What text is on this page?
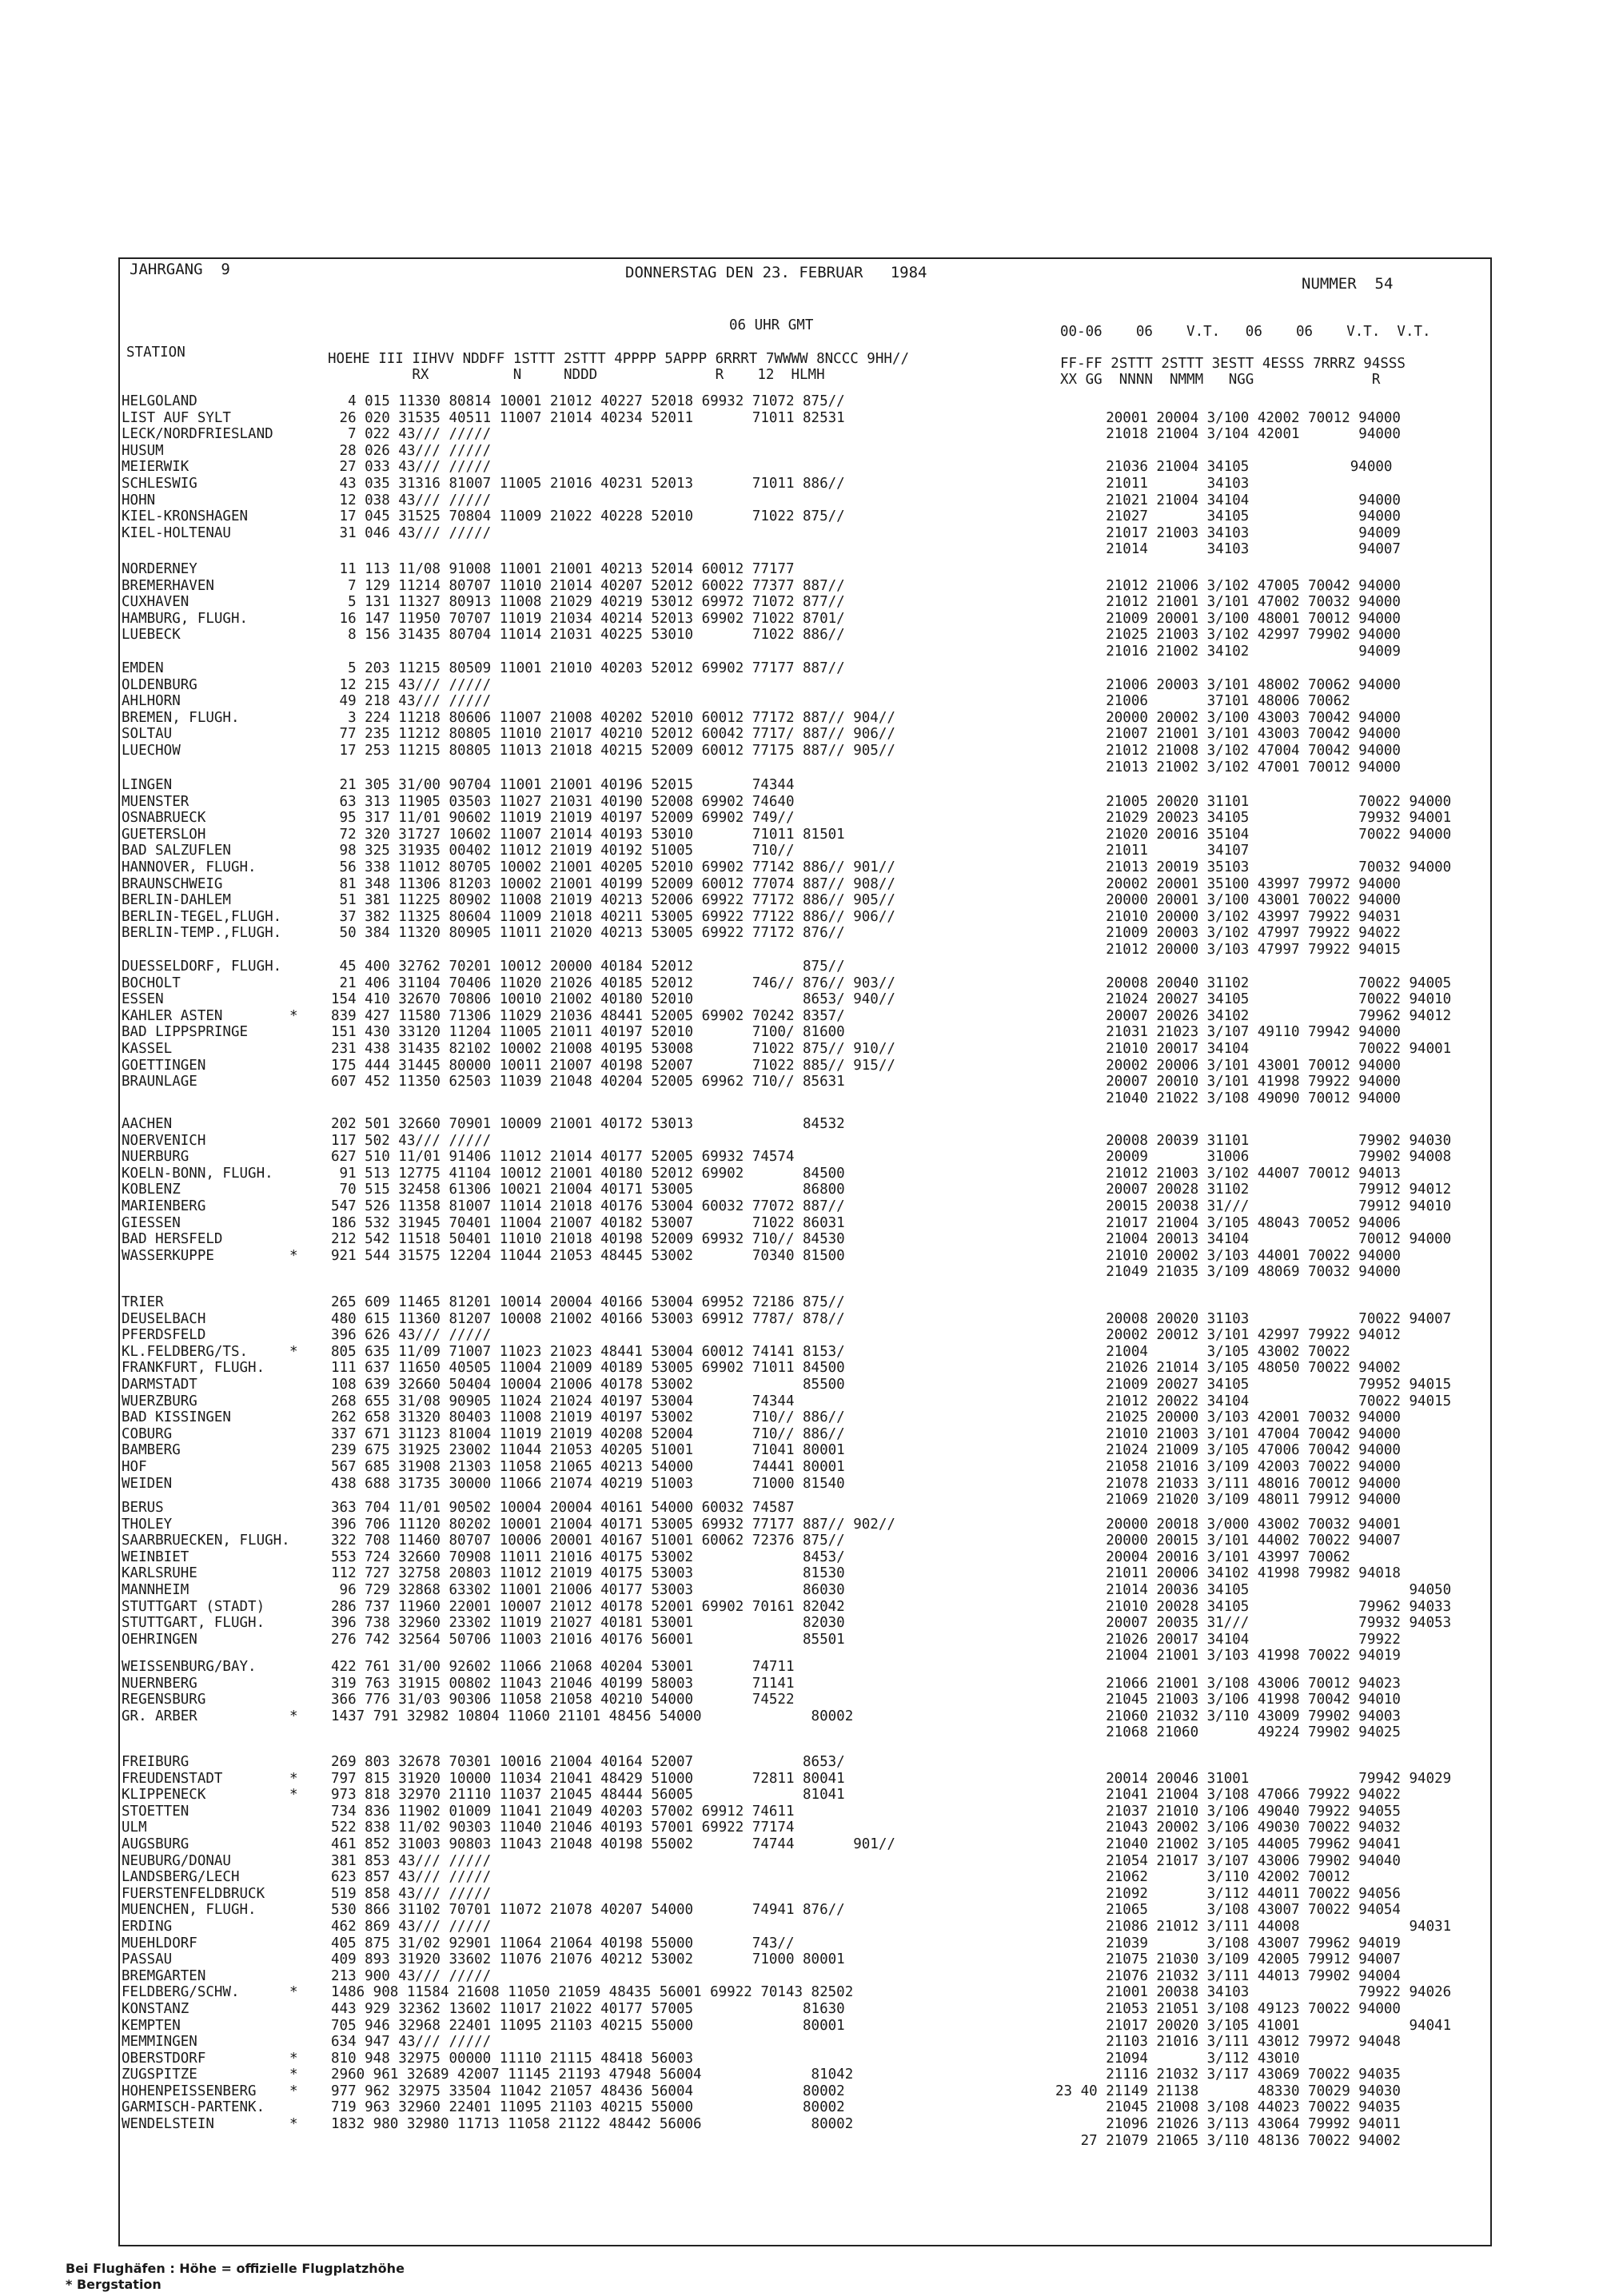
JAHRGANG  9	DONNERSTAG DEN 23. FEBRUAR   1984
NUMMER  54
06 UHR GMT	00-06    06    V.T.   06    06    V.T.  V.T.
STATION	HOEHE III IIHVV NDDFF 1STTT 2STTT 4PPPP 5APPP 6RRRT 7WWWW 8NCCC 9HH//
RX          N     NDDD              R    12  HLMH
FF-FF 2STTT 2STTT 3ESTT 4ESSS 7RRRZ 94SSS
XX GG  NNNN  NMMM   NGG              R
HELGOLAND	4 015 11330 80814 10001 21012 40227 52018 69932 71072 875//
LIST AUF SYLT	26 020 31535 40511 11007 21014 40234 52011       71011 82531	20001 20004 3/100 42002 70012 94000
LECK/NORDFRIESLAND	7 022 43/// /////	21018 21004 3/104 42001       94000
HUSUM	28 026 43/// /////
MEIERWIK	27 033 43/// /////	21036 21004 34105            94000
SCHLESWIG	43 035 31316 81007 11005 21016 40231 52013       71011 886//	21011       34103
HOHN	12 038 43/// /////	21021 21004 34104             94000
KIEL-KRONSHAGEN	17 045 31525 70804 11009 21022 40228 52010       71022 875//	21027       34105             94000
KIEL-HOLTENAU	31 046 43/// /////	21017 21003 34103             94009
21014       34103             94007
NORDERNEY	11 113 11/08 91008 11001 21001 40213 52014 60012 77177
BREMERHAVEN	7 129 11214 80707 11010 21014 40207 52012 60022 77377 887//	21012 21006 3/102 47005 70042 94000
CUXHAVEN	5 131 11327 80913 11008 21029 40219 53012 69972 71072 877//	21012 21001 3/101 47002 70032 94000
HAMBURG, FLUGH.	16 147 11950 70707 11019 21034 40214 52013 69902 71022 8701/	21009 20001 3/100 48001 70012 94000
LUEBECK	8 156 31435 80704 11014 21031 40225 53010       71022 886//	21025 21003 3/102 42997 79902 94000
21016 21002 34102             94009
EMDEN	5 203 11215 80509 11001 21010 40203 52012 69902 77177 887//
OLDENBURG	12 215 43/// /////	21006 20003 3/101 48002 70062 94000
AHLHORN	49 218 43/// /////	21006       37101 48006 70062
BREMEN, FLUGH.	3 224 11218 80606 11007 21008 40202 52010 60012 77172 887// 904//	20000 20002 3/100 43003 70042 94000
SOLTAU	77 235 11212 80805 11010 21017 40210 52012 60042 7717/ 887// 906//	21007 21001 3/101 43003 70042 94000
LUECHOW	17 253 11215 80805 11013 21018 40215 52009 60012 77175 887// 905//	21012 21008 3/102 47004 70042 94000
21013 21002 3/102 47001 70012 94000
LINGEN	21 305 31/00 90704 11001 21001 40196 52015       74344
MUENSTER	63 313 11905 03503 11027 21031 40190 52008 69902 74640	21005 20020 31101             70022 94000
OSNABRUECK	95 317 11/01 90602 11019 21019 40197 52009 69902 749//	21029 20023 34105             79932 94001
GUETERSLOH	72 320 31727 10602 11007 21014 40193 53010       71011 81501	21020 20016 35104             70022 94000
BAD SALZUFLEN	98 325 31935 00402 11012 21019 40192 51005       710//	21011       34107
HANNOVER, FLUGH.	56 338 11012 80705 10002 21001 40205 52010 69902 77142 886// 901//	21013 20019 35103             70032 94000
BRAUNSCHWEIG	81 348 11306 81203 10002 21001 40199 52009 60012 77074 887// 908//	20002 20001 35100 43997 79972 94000
BERLIN-DAHLEM	51 381 11225 80902 11008 21019 40213 52006 69922 77172 886// 905//	20000 20001 3/100 43001 70022 94000
BERLIN-TEGEL,FLUGH.	37 382 11325 80604 11009 21018 40211 53005 69922 77122 886// 906//	21010 20000 3/102 43997 79922 94031
BERLIN-TEMP.,FLUGH.	50 384 11320 80905 11011 21020 40213 53005 69922 77172 876//	21009 20003 3/102 47997 79922 94022
21012 20000 3/103 47997 79922 94015
DUESSELDORF, FLUGH.	45 400 32762 70201 10012 20000 40184 52012             875//
BOCHOLT	21 406 31104 70406 11020 21026 40185 52012       746// 876// 903//	20008 20040 31102             70022 94005
ESSEN	154 410 32670 70806 10010 21002 40180 52010             8653/ 940//	21024 20027 34105             70022 94010
KAHLER ASTEN	*	839 427 11580 71306 11029 21036 48441 52005 69902 70242 8357/	20007 20026 34102             79962 94012
BAD LIPPSPRINGE	151 430 33120 11204 11005 21011 40197 52010       7100/ 81600	21031 21023 3/107 49110 79942 94000
KASSEL	231 438 31435 82102 10002 21008 40195 53008       71022 875// 910//	21010 20017 34104             70022 94001
GOETTINGEN	175 444 31445 80000 10011 21007 40198 52007       71022 885// 915//	20002 20006 3/101 43001 70012 94000
BRAUNLAGE	607 452 11350 62503 11039 21048 40204 52005 69962 710// 85631	20007 20010 3/101 41998 79922 94000
21040 21022 3/108 49090 70012 94000
AACHEN	202 501 32660 70901 10009 21001 40172 53013             84532
NOERVENICH	117 502 43/// /////	20008 20039 31101             79902 94030
NUERBURG	627 510 11/01 91406 11012 21014 40177 52005 69932 74574	20009       31006             79902 94008
KOELN-BONN, FLUGH.	91 513 12775 41104 10012 21001 40180 52012 69902       84500	21012 21003 3/102 44007 70012 94013
KOBLENZ	70 515 32458 61306 10021 21004 40171 53005             86800	20007 20028 31102             79912 94012
MARIENBERG	547 526 11358 81007 11014 21018 40176 53004 60032 77072 887//	20015 20038 31///             79912 94010
GIESSEN	186 532 31945 70401 11004 21007 40182 53007       71022 86031	21017 21004 3/105 48043 70052 94006
BAD HERSFELD	212 542 11518 50401 11010 21018 40198 52009 69932 710// 84530	21004 20013 34104             70012 94000
WASSERKUPPE	*	921 544 31575 12204 11044 21053 48445 53002       70340 81500	21010 20002 3/103 44001 70022 94000
21049 21035 3/109 48069 70032 94000
TRIER	265 609 11465 81201 10014 20004 40166 53004 69952 72186 875//
DEUSELBACH	480 615 11360 81207 10008 21002 40166 53003 69912 7787/ 878//	20008 20020 31103             70022 94007
PFERDSFELD	396 626 43/// /////	20002 20012 3/101 42997 79922 94012
KL.FELDBERG/TS.	*	805 635 11/09 71007 11023 21023 48441 53004 60012 74141 8153/	21004       3/105 43002 70022
FRANKFURT, FLUGH.	111 637 11650 40505 11004 21009 40189 53005 69902 71011 84500	21026 21014 3/105 48050 70022 94002
DARMSTADT	108 639 32660 50404 10004 21006 40178 53002             85500	21009 20027 34105             79952 94015
WUERZBURG	268 655 31/08 90905 11024 21024 40197 53004       74344	21012 20022 34104             70022 94015
BAD KISSINGEN	262 658 31320 80403 11008 21019 40197 53002       710// 886//	21025 20000 3/103 42001 70032 94000
COBURG	337 671 31123 81004 11019 21019 40208 52004       710// 886//	21010 21003 3/101 47004 70042 94000
BAMBERG	239 675 31925 23002 11044 21053 40205 51001       71041 80001	21024 21009 3/105 47006 70042 94000
HOF	567 685 31908 21303 11058 21065 40213 54000       74441 80001	21058 21016 3/109 42003 70022 94000
WEIDEN	438 688 31735 30000 11066 21074 40219 51003       71000 81540	21078 21033 3/111 48016 70012 94000
21069 21020 3/109 48011 79912 94000
BERUS	363 704 11/01 90502 10004 20004 40161 54000 60032 74587
THOLEY	396 706 11120 80202 10001 21004 40171 53005 69932 77177 887// 902//	20000 20018 3/000 43002 70032 94001
SAARBRUECKEN, FLUGH.	322 708 11460 80707 10006 20001 40167 51001 60062 72376 875//	20000 20015 3/101 44002 70022 94007
WEINBIET	553 724 32660 70908 11011 21016 40175 53002             8453/	20004 20016 3/101 43997 70062
KARLSRUHE	112 727 32758 20803 11012 21019 40175 53003             81530	21011 20006 34102 41998 79982 94018
MANNHEIM	96 729 32868 63302 11001 21006 40177 53003             86030	21014 20036 34105                   94050
STUTTGART (STADT)	286 737 11960 22001 10007 21012 40178 52001 69902 70161 82042	21010 20028 34105             79962 94033
STUTTGART, FLUGH.	396 738 32960 23302 11019 21027 40181 53001             82030	20007 20035 31///             79932 94053
OEHRINGEN	276 742 32564 50706 11003 21016 40176 56001             85501	21026 20017 34104             79922
21004 21001 3/103 41998 70022 94019
WEISSENBURG/BAY.	422 761 31/00 92602 11066 21068 40204 53001       74711
NUERNBERG	319 763 31915 00802 11043 21046 40199 58003       71141	21066 21001 3/108 43006 70012 94023
REGENSBURG	366 776 31/03 90306 11058 21058 40210 54000       74522	21045 21003 3/106 41998 70042 94010
GR. ARBER	*	1437 791 32982 10804 11060 21101 48456 54000             80002	21060 21032 3/110 43009 79902 94003
21068 21060       49224 79902 94025
FREIBURG	269 803 32678 70301 10016 21004 40164 52007             8653/
FREUDENSTADT	*	797 815 31920 10000 11034 21041 48429 51000       72811 80041	20014 20046 31001             79942 94029
KLIPPENECK	*	973 818 32970 21110 11037 21045 48444 56005             81041	21041 21004 3/108 47066 79922 94022
STOETTEN	734 836 11902 01009 11041 21049 40203 57002 69912 74611	21037 21010 3/106 49040 79922 94055
ULM	522 838 11/02 90303 11040 21046 40193 57001 69922 77174	21043 20002 3/106 49030 70022 94032
AUGSBURG	461 852 31003 90803 11043 21048 40198 55002       74744       901//	21040 21002 3/105 44005 79962 94041
NEUBURG/DONAU	381 853 43/// /////	21054 21017 3/107 43006 79902 94040
LANDSBERG/LECH	623 857 43/// /////	21062       3/110 42002 70012
FUERSTENFELDBRUCK	519 858 43/// /////	21092       3/112 44011 70022 94056
MUENCHEN, FLUGH.	530 866 31102 70701 11072 21078 40207 54000       74941 876//	21065       3/108 43007 70022 94054
ERDING	462 869 43/// /////	21086 21012 3/111 44008             94031
MUEHLDORF	405 875 31/02 92901 11064 21064 40198 55000       743//	21039       3/108 43007 79962 94019
PASSAU	409 893 31920 33602 11076 21076 40212 53002       71000 80001	21075 21030 3/109 42005 79912 94007
BREMGARTEN	213 900 43/// /////	21076 21032 3/111 44013 79902 94004
FELDBERG/SCHW.	*	1486 908 11584 21608 11050 21059 48435 56001 69922 70143 82502	21001 20038 34103             79922 94026
KONSTANZ	443 929 32362 13602 11017 21022 40177 57005             81630	21053 21051 3/108 49123 70022 94000
KEMPTEN	705 946 32968 22401 11095 21103 40215 55000             80001	21017 20020 3/105 41001             94041
MEMMINGEN	634 947 43/// /////	21103 21016 3/111 43012 79972 94048
OBERSTDORF	*	810 948 32975 00000 11110 21115 48418 56003	21094       3/112 43010
ZUGSPITZE	*	2960 961 32689 42007 11145 21193 47948 56004             81042	21116 21032 3/117 43069 70022 94035
HOHENPEISSENBERG	*	977 962 32975 33504 11042 21057 48436 56004             80002	23 40 21149 21138       48330 70029 94030
GARMISCH-PARTENK.	719 963 32960 22401 11095 21103 40215 55000             80002	21045 21008 3/108 44023 70022 94035
WENDELSTEIN	*	1832 980 32980 11713 11058 21122 48442 56006             80002	21096 21026 3/113 43064 79992 94011
27 21079 21065 3/110 48136 70022 94002
Bei Flughäfen : Höhe = offizielle Flugplatzhöhe
* Bergstation
